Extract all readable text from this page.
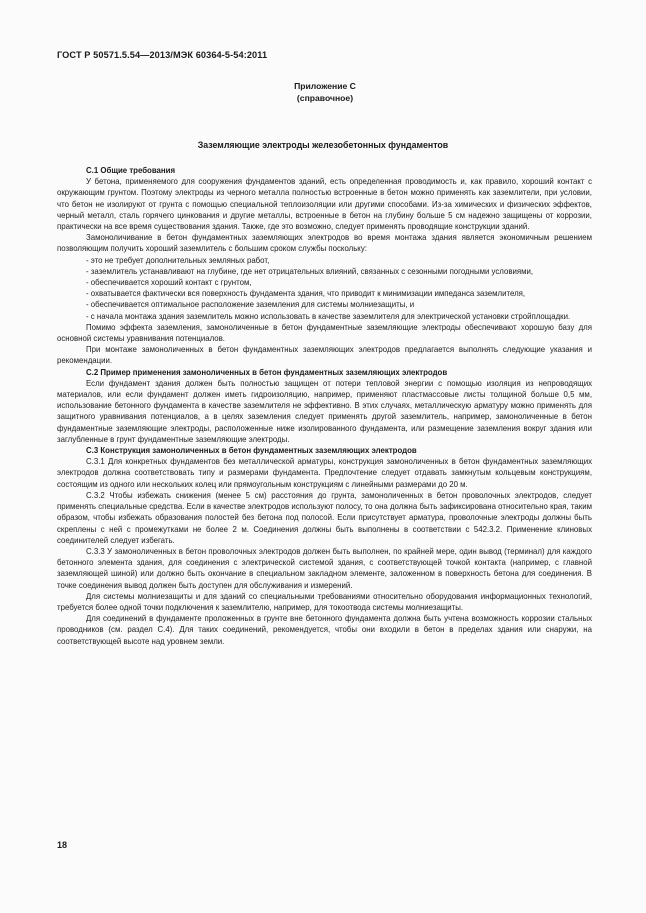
ГОСТ Р 50571.5.54—2013/МЭК 60364-5-54:2011
Приложение С
(справочное)
Заземляющие электроды железобетонных фундаментов

С.1 Общие требования

У бетона, применяемого для сооружения фундаментов зданий, есть определенная проводимость и, как правило, хороший контакт с окружающим грунтом. Поэтому электроды из черного металла полностью встроенные в бетон можно применять как заземлители, при условии, что бетон не изолируют от грунта с помощью специальной теплоизоляции или другими способами. Из-за химических и физических эффектов, черный металл, сталь горячего цинкования и другие металлы, встроенные в бетон на глубину больше 5 см надежно защищены от коррозии, практически на все время существования здания. Также, где это возможно, следует применять проводящие конструкции зданий.

Замоноличивание в бетон фундаментных заземляющих электродов во время монтажа здания является экономичным решением позволяющим получить хороший заземлитель с большим сроком службы поскольку:

- это не требует дополнительных земляных работ,

- заземлитель устанавливают на глубине, где нет отрицательных влияний, связанных с сезонными погодными условиями,

- обеспечивается хороший контакт с грунтом,

- охватывается фактически вся поверхность фундамента здания, что приводит к минимизации импеданса заземлителя,

- обеспечивается оптимальное расположение заземления для системы молниезащиты, и

- с начала монтажа здания заземлитель можно использовать в качестве заземлителя для электрической установки стройплощадки.

Помимо эффекта заземления, замоноличенные в бетон фундаментные заземляющие электроды обеспечивают хорошую базу для основной системы уравнивания потенциалов.

При монтаже замоноличенных в бетон фундаментных заземляющих электродов предлагается выполнять следующие указания и рекомендации.

С.2 Пример применения замоноличенных в бетон фундаментных заземляющих электродов

Если фундамент здания должен быть полностью защищен от потери тепловой энергии с помощью изоляция из непроводящих материалов, или если фундамент должен иметь гидроизоляцию, например, применяют пластмассовые листы толщиной больше 0,5 мм, использование бетонного фундамента в качестве заземлителя не эффективно. В этих случаях, металлическую арматуру можно применять для защитного уравнивания потенциалов, а в целях заземления следует применять другой заземлитель, например, замоноличенные в бетон фундаментные заземляющие электроды, расположенные ниже изолированного фундамента, или размещение заземления вокруг здания или заглубленные в грунт фундаментные заземляющие электроды.

С.3 Конструкция замоноличенных в бетон фундаментных заземляющих электродов

С.3.1 Для конкретных фундаментов без металлической арматуры, конструкция замоноличенных в бетон фундаментных заземляющих электродов должна соответствовать типу и размерами фундамента. Предпочтение следует отдавать замкнутым кольцевым конструкциям, состоящим из одного или нескольких колец или прямоугольным конструкциям с линейными размерами до 20 м.

С.3.2 Чтобы избежать снижения (менее 5 см) расстояния до грунта, замоноличенных в бетон проволочных электродов, следует применять специальные средства. Если в качестве электродов используют полосу, то она должна быть зафиксирована относительно края, таким образом, чтобы избежать образования полостей без бетона под полосой. Если присутствует арматура, проволочные электроды должны быть скреплены с ней с промежутками не более 2 м. Соединения должны быть выполнены в соответствии с 542.3.2. Применение клиновых соединителей следует избегать.

С.3.3 У замоноличенных в бетон проволочных электродов должен быть выполнен, по крайней мере, один вывод (терминал) для каждого бетонного элемента здания, для соединения с электрической системой здания, с соответствующей точкой контакта (например, с главной заземляющей шиной) или должно быть окончание в специальном закладном элементе, заложенном в поверхность бетона для соединения. В точке соединения вывод должен быть доступен для обслуживания и измерений.

Для системы молниезащиты и для зданий со специальными требованиями относительно оборудования информационных технологий, требуется более одной точки подключения к заземлителю, например, для токоотвода системы молниезащиты.

Для соединений в фундаменте проложенных в грунте вне бетонного фундамента должна быть учтена возможность коррозии стальных проводников (см. раздел С.4). Для таких соединений, рекомендуется, чтобы они входили в бетон в пределах здания или снаружи, на соответствующей высоте над уровнем земли.

18
